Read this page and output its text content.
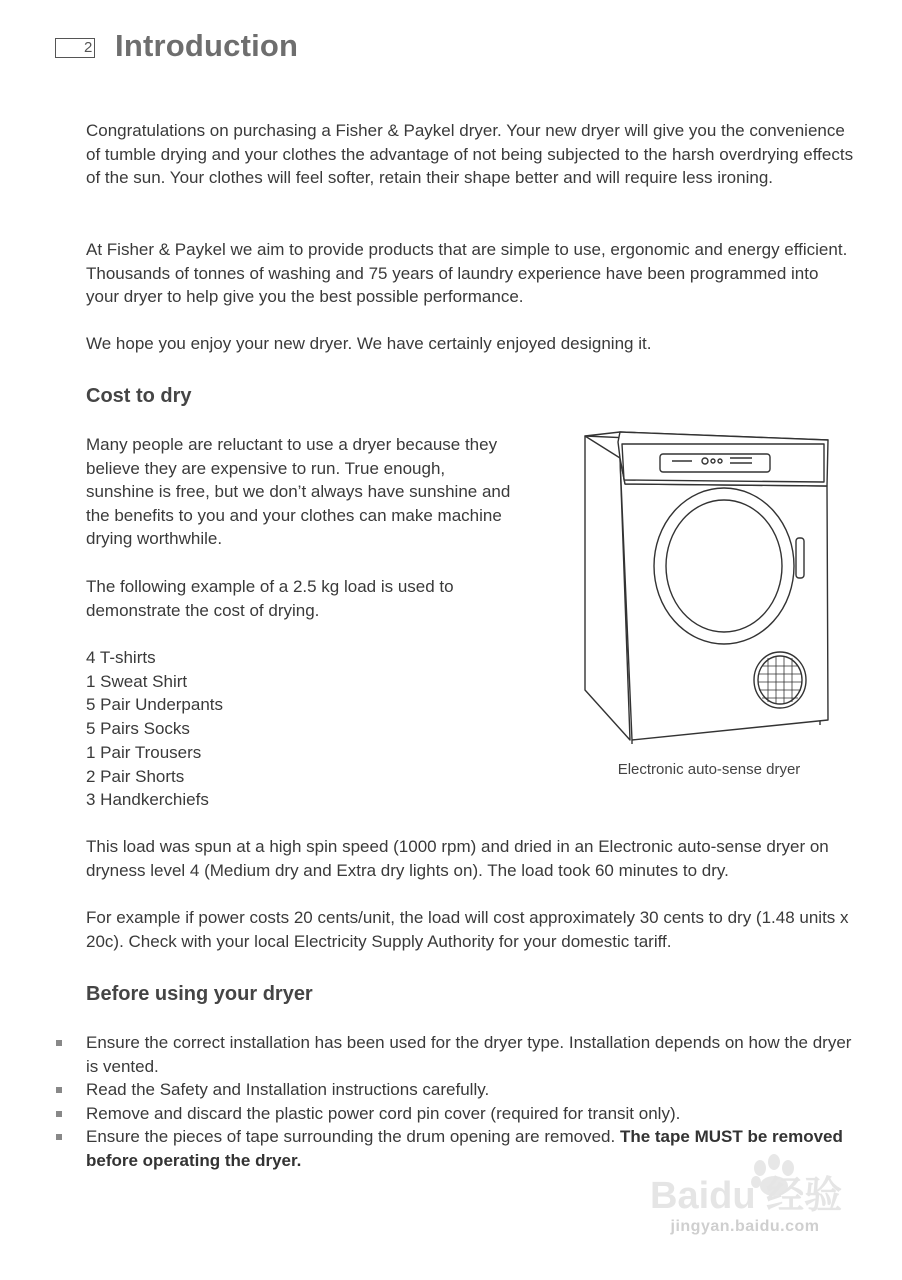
2 Introduction

Congratulations on purchasing a Fisher & Paykel dryer. Your new dryer will give you the convenience of tumble drying and your clothes the advantage of not being subjected to the harsh overdrying effects of the sun. Your clothes will feel softer, retain their shape better and will require less ironing.

At Fisher & Paykel we aim to provide products that are simple to use, ergonomic and energy efficient. Thousands of tonnes of washing and 75 years of laundry experience have been programmed into your dryer to help give you the best possible performance.

We hope you enjoy your new dryer. We have certainly enjoyed designing it.

Cost to dry

Many people are reluctant to use a dryer because they believe they are expensive to run. True enough, sunshine is free, but we don’t always have sunshine and the benefits to you and your clothes can make machine drying worthwhile.

The following example of a 2.5 kg load is used to demonstrate the cost of drying.

4 T-shirts
1 Sweat Shirt
5 Pair Underpants
5 Pairs Socks
1 Pair Trousers
2 Pair Shorts
3 Handkerchiefs
Electronic auto-sense dryer

This load was spun at a high spin speed (1000 rpm) and dried in an Electronic auto-sense dryer on dryness level 4 (Medium dry and Extra dry lights on). The load took 60 minutes to dry.

For example if power costs 20 cents/unit, the load will cost approximately 30 cents to dry (1.48 units x 20c). Check with your local Electricity Supply Authority for your domestic tariff.

Before using your dryer
Ensure the correct installation has been used for the dryer type. Installation depends on how the dryer is vented.
Read the Safety and Installation instructions carefully.
Remove and discard the plastic power cord pin cover (required for transit only).
Ensure the pieces of tape surrounding the drum opening are removed. The tape MUST be removed before operating the dryer.
Baidu 经验
jingyan.baidu.com
